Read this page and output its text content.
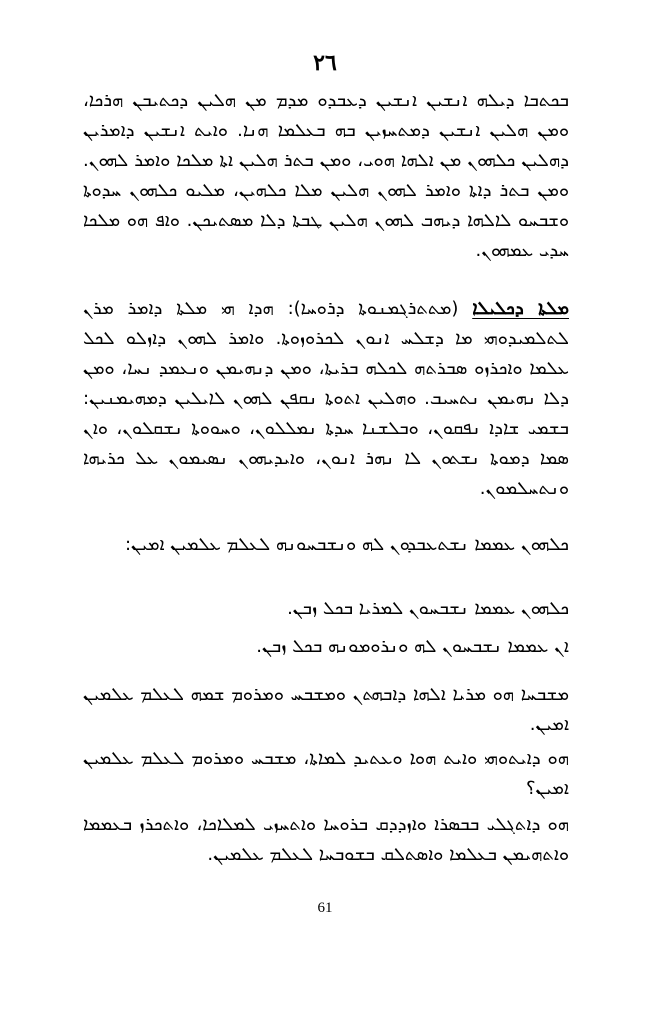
٢٦
ܒܟܬܒܐ ܕܝܠܗ ܐܢܫܝܢ ܐܢܫܝܢ ܕܥܒܕܘ ܡܕܡ ܡܢ ܗܠܝܢ ܕܟܬܝܒܢ ܗܪܟܐ، ܘܡܢ ܗܠܝܢ ܐܢܫܝܢ ܕܡܬܚܙܝܢ ܒܗ ܒܥܠܡܐ ܗܢܐ. ܘܐܝܬ ܐܢܫܝܢ ܕܐܡܪܝܢ ܕܗܠܝܢ ܟܠܗܘܢ ܡܢ ܐܠܗܐ ܗܘܝ، ܘܡܢ ܒܬܪ ܗܠܝܢ ܐܬܐ ܡܠܟܐ ܘܐܡܪ ܠܗܘܢ. ܘܡܢ ܒܬܪ ܕܐܬܐ ܘܐܡܪ ܠܗܘܢ ܗܠܝܢ ܡܠܐ ܟܠܗܝܢ، ܡܠܝܘ ܟܠܗܘܢ ܚܕܘܬܐ ܘܫܒܚܘ ܠܐܠܗܐ ܕܝܗܒ ܠܗܘܢ ܗܠܝܢ ܛܒܬܐ ܕܠܐ ܡܣܬܝܟܢ. ܘܐܦ ܗܘ ܡܠܟܐ ܚܕܝ ܥܡܗܘܢ.
ܡܠܬܐ ܕܟܠܝܠܐ (ܡܬܬܪܓܡܢܘܬܐ ܕܪܘܚܐ): ܗܕܐ ܗܝ ܡܠܬܐ ܕܐܡܪ ܡܪܢ ܠܬܠܡܝܕܘܗܝ ܡܐ ܕܫܠܚ ܐܢܘܢ ܠܟܪܘܙܘܬܐ. ܘܐܡܪ ܠܗܘܢ ܕܐܙܠܘ ܠܟܠ ܥܠܡܐ ܘܐܟܪܙܘ ܣܒܪܬܗ ܠܟܠܗ ܒܪܝܬܐ، ܘܡܢ ܕܢܗܝܡܢ ܘܢܥܡܕ ܢܚܐ، ܘܡܢ ܕܠܐ ܢܗܝܡܢ ܢܬܚܝܒ. ܘܗܠܝܢ ܐܬܘܬܐ ܢܩܦܢ ܠܗܘܢ ܠܐܝܠܝܢ ܕܡܗܝܡܢܝܢ: ܒܫܡܝ ܫܐܕܐ ܢܦܩܘܢ، ܘܒܠܫܢܐ ܚܕܬܐ ܢܡܠܠܘܢ، ܘܚܘܘܬܐ ܢܫܩܠܘܢ، ܘܐܢ ܣܡܐ ܕܡܘܬܐ ܢܫܬܘܢ ܠܐ ܢܗܪ ܐܢܘܢ، ܘܐܝܕܝܗܘܢ ܢܣܝܡܘܢ ܥܠ ܟܪܝܗܐ ܘܢܬܚܠܡܘܢ.
ܟܠܗܘܢ ܥܡܡܐ ܢܫܬܥܒܕܘܢ ܠܗ ܘܢܫܒܚܘܢܗ ܠܥܠܡ ܥܠܡܝܢ ܐܡܝܢ:
ܟܠܗܘܢ ܥܡܡܐ ܢܫܒܚܘܢ ܠܡܪܝܐ ܒܟܠ ܙܒܢ.
ܐܢ ܥܡܡܐ ܢܫܒܚܘܢ ܠܗ ܘܢܪܘܡܘܢܗ ܒܟܠ ܙܒܢ.
ܡܫܒܚܐ ܗܘ ܡܪܝܐ ܐܠܗܐ ܕܐܒܗܬܢ ܘܡܫܒܚ ܘܡܪܘܡ ܫܡܗ ܠܥܠܡ ܥܠܡܝܢ ܐܡܝܢ.
ܗܘ ܕܐܝܬܘܗܝ ܘܐܝܬ ܗܘܐ ܘܥܬܝܕ ܠܡܐܬܐ، ܡܫܒܚ ܘܡܪܘܡ ܠܥܠܡ ܥܠܡܝܢ ܐܡܝܢ؟
ܗܘ ܕܐܬܓܠܝ ܒܒܣܪܐ ܘܐܙܕܕܩ ܒܪܘܚܐ ܘܐܬܚܙܝ ܠܡܠܐܟܐ، ܘܐܬܟܪܙ ܒܥܡܡܐ ܘܐܬܗܝܡܢ ܒܥܠܡܐ ܘܐܣܬܠܩ ܒܫܘܒܚܐ ܠܥܠܡ ܥܠܡܝܢ.
61
